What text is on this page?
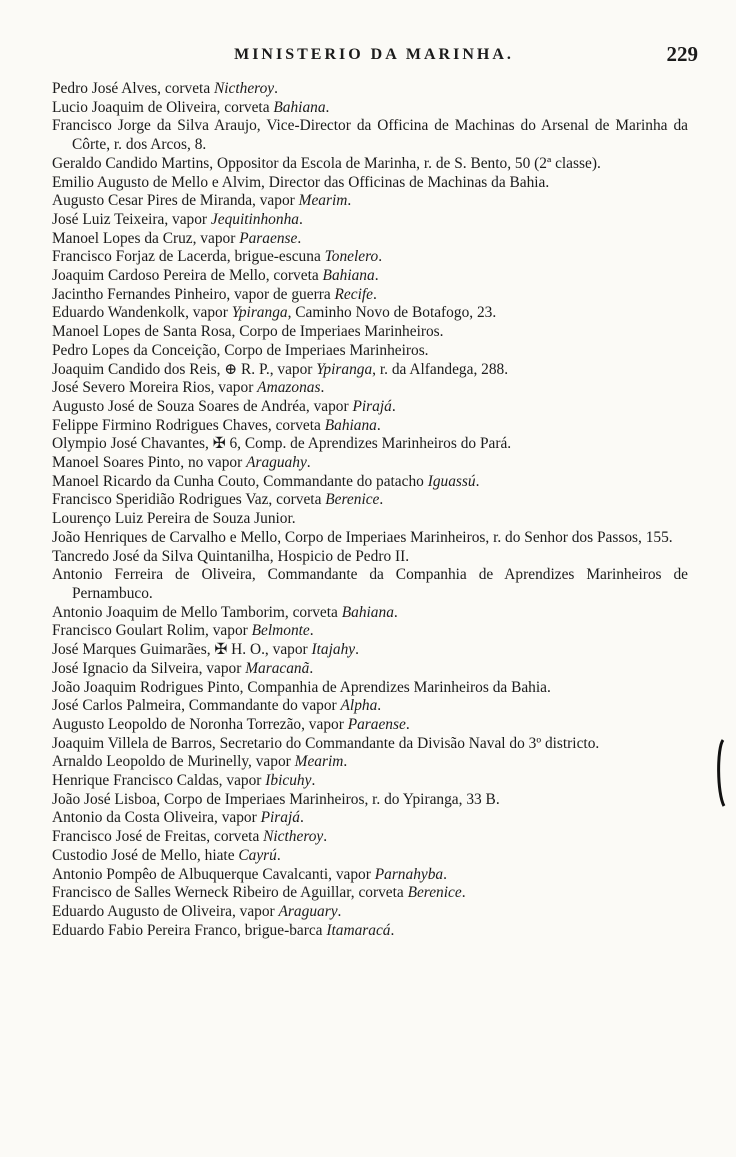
MINISTERIO DA MARINHA.	229
Pedro José Alves, corveta Nictheroy.
Lucio Joaquim de Oliveira, corveta Bahiana.
Francisco Jorge da Silva Araujo, Vice-Director da Officina de Machinas do Arsenal de Marinha da Côrte, r. dos Arcos, 8.
Geraldo Candido Martins, Oppositor da Escola de Marinha, r. de S. Bento, 50 (2ª classe).
Emilio Augusto de Mello e Alvim, Director das Officinas de Machinas da Bahia.
Augusto Cesar Pires de Miranda, vapor Mearim.
José Luiz Teixeira, vapor Jequitinhonha.
Manoel Lopes da Cruz, vapor Paraense.
Francisco Forjaz de Lacerda, brigue-escuna Tonelero.
Joaquim Cardoso Pereira de Mello, corveta Bahiana.
Jacintho Fernandes Pinheiro, vapor de guerra Recife.
Eduardo Wandenkolk, vapor Ypiranga, Caminho Novo de Botafogo, 23.
Manoel Lopes de Santa Rosa, Corpo de Imperiaes Marinheiros.
Pedro Lopes da Conceição, Corpo de Imperiaes Marinheiros.
Joaquim Candido dos Reis, ⊕ R. P., vapor Ypiranga, r. da Alfandega, 288.
José Severo Moreira Rios, vapor Amazonas.
Augusto José de Souza Soares de Andréa, vapor Pirajá.
Felippe Firmino Rodrigues Chaves, corveta Bahiana.
Olympio José Chavantes, ✠ 6, Comp. de Aprendizes Marinheiros do Pará.
Manoel Soares Pinto, no vapor Araguahy.
Manoel Ricardo da Cunha Couto, Commandante do patacho Iguassú.
Francisco Speridião Rodrigues Vaz, corveta Berenice.
Lourenço Luiz Pereira de Souza Junior.
João Henriques de Carvalho e Mello, Corpo de Imperiaes Marinheiros, r. do Senhor dos Passos, 155.
Tancredo José da Silva Quintanilha, Hospicio de Pedro II.
Antonio Ferreira de Oliveira, Commandante da Companhia de Aprendizes Marinheiros de Pernambuco.
Antonio Joaquim de Mello Tamborim, corveta Bahiana.
Francisco Goulart Rolim, vapor Belmonte.
José Marques Guimarães, ✠ H. O., vapor Itajahy.
José Ignacio da Silveira, vapor Maracanã.
João Joaquim Rodrigues Pinto, Companhia de Aprendizes Marinheiros da Bahia.
José Carlos Palmeira, Commandante do vapor Alpha.
Augusto Leopoldo de Noronha Torrezão, vapor Paraense.
Joaquim Villela de Barros, Secretario do Commandante da Divisão Naval do 3º districto.
Arnaldo Leopoldo de Murinelly, vapor Mearim.
Henrique Francisco Caldas, vapor Ibicuhy.
João José Lisboa, Corpo de Imperiaes Marinheiros, r. do Ypiranga, 33 B.
Antonio da Costa Oliveira, vapor Pirajá.
Francisco José de Freitas, corveta Nictheroy.
Custodio José de Mello, hiate Cayrú.
Antonio Pompêo de Albuquerque Cavalcanti, vapor Parnahyba.
Francisco de Salles Werneck Ribeiro de Aguillar, corveta Berenice.
Eduardo Augusto de Oliveira, vapor Araguary.
Eduardo Fabio Pereira Franco, brigue-barca Itamaracá.
